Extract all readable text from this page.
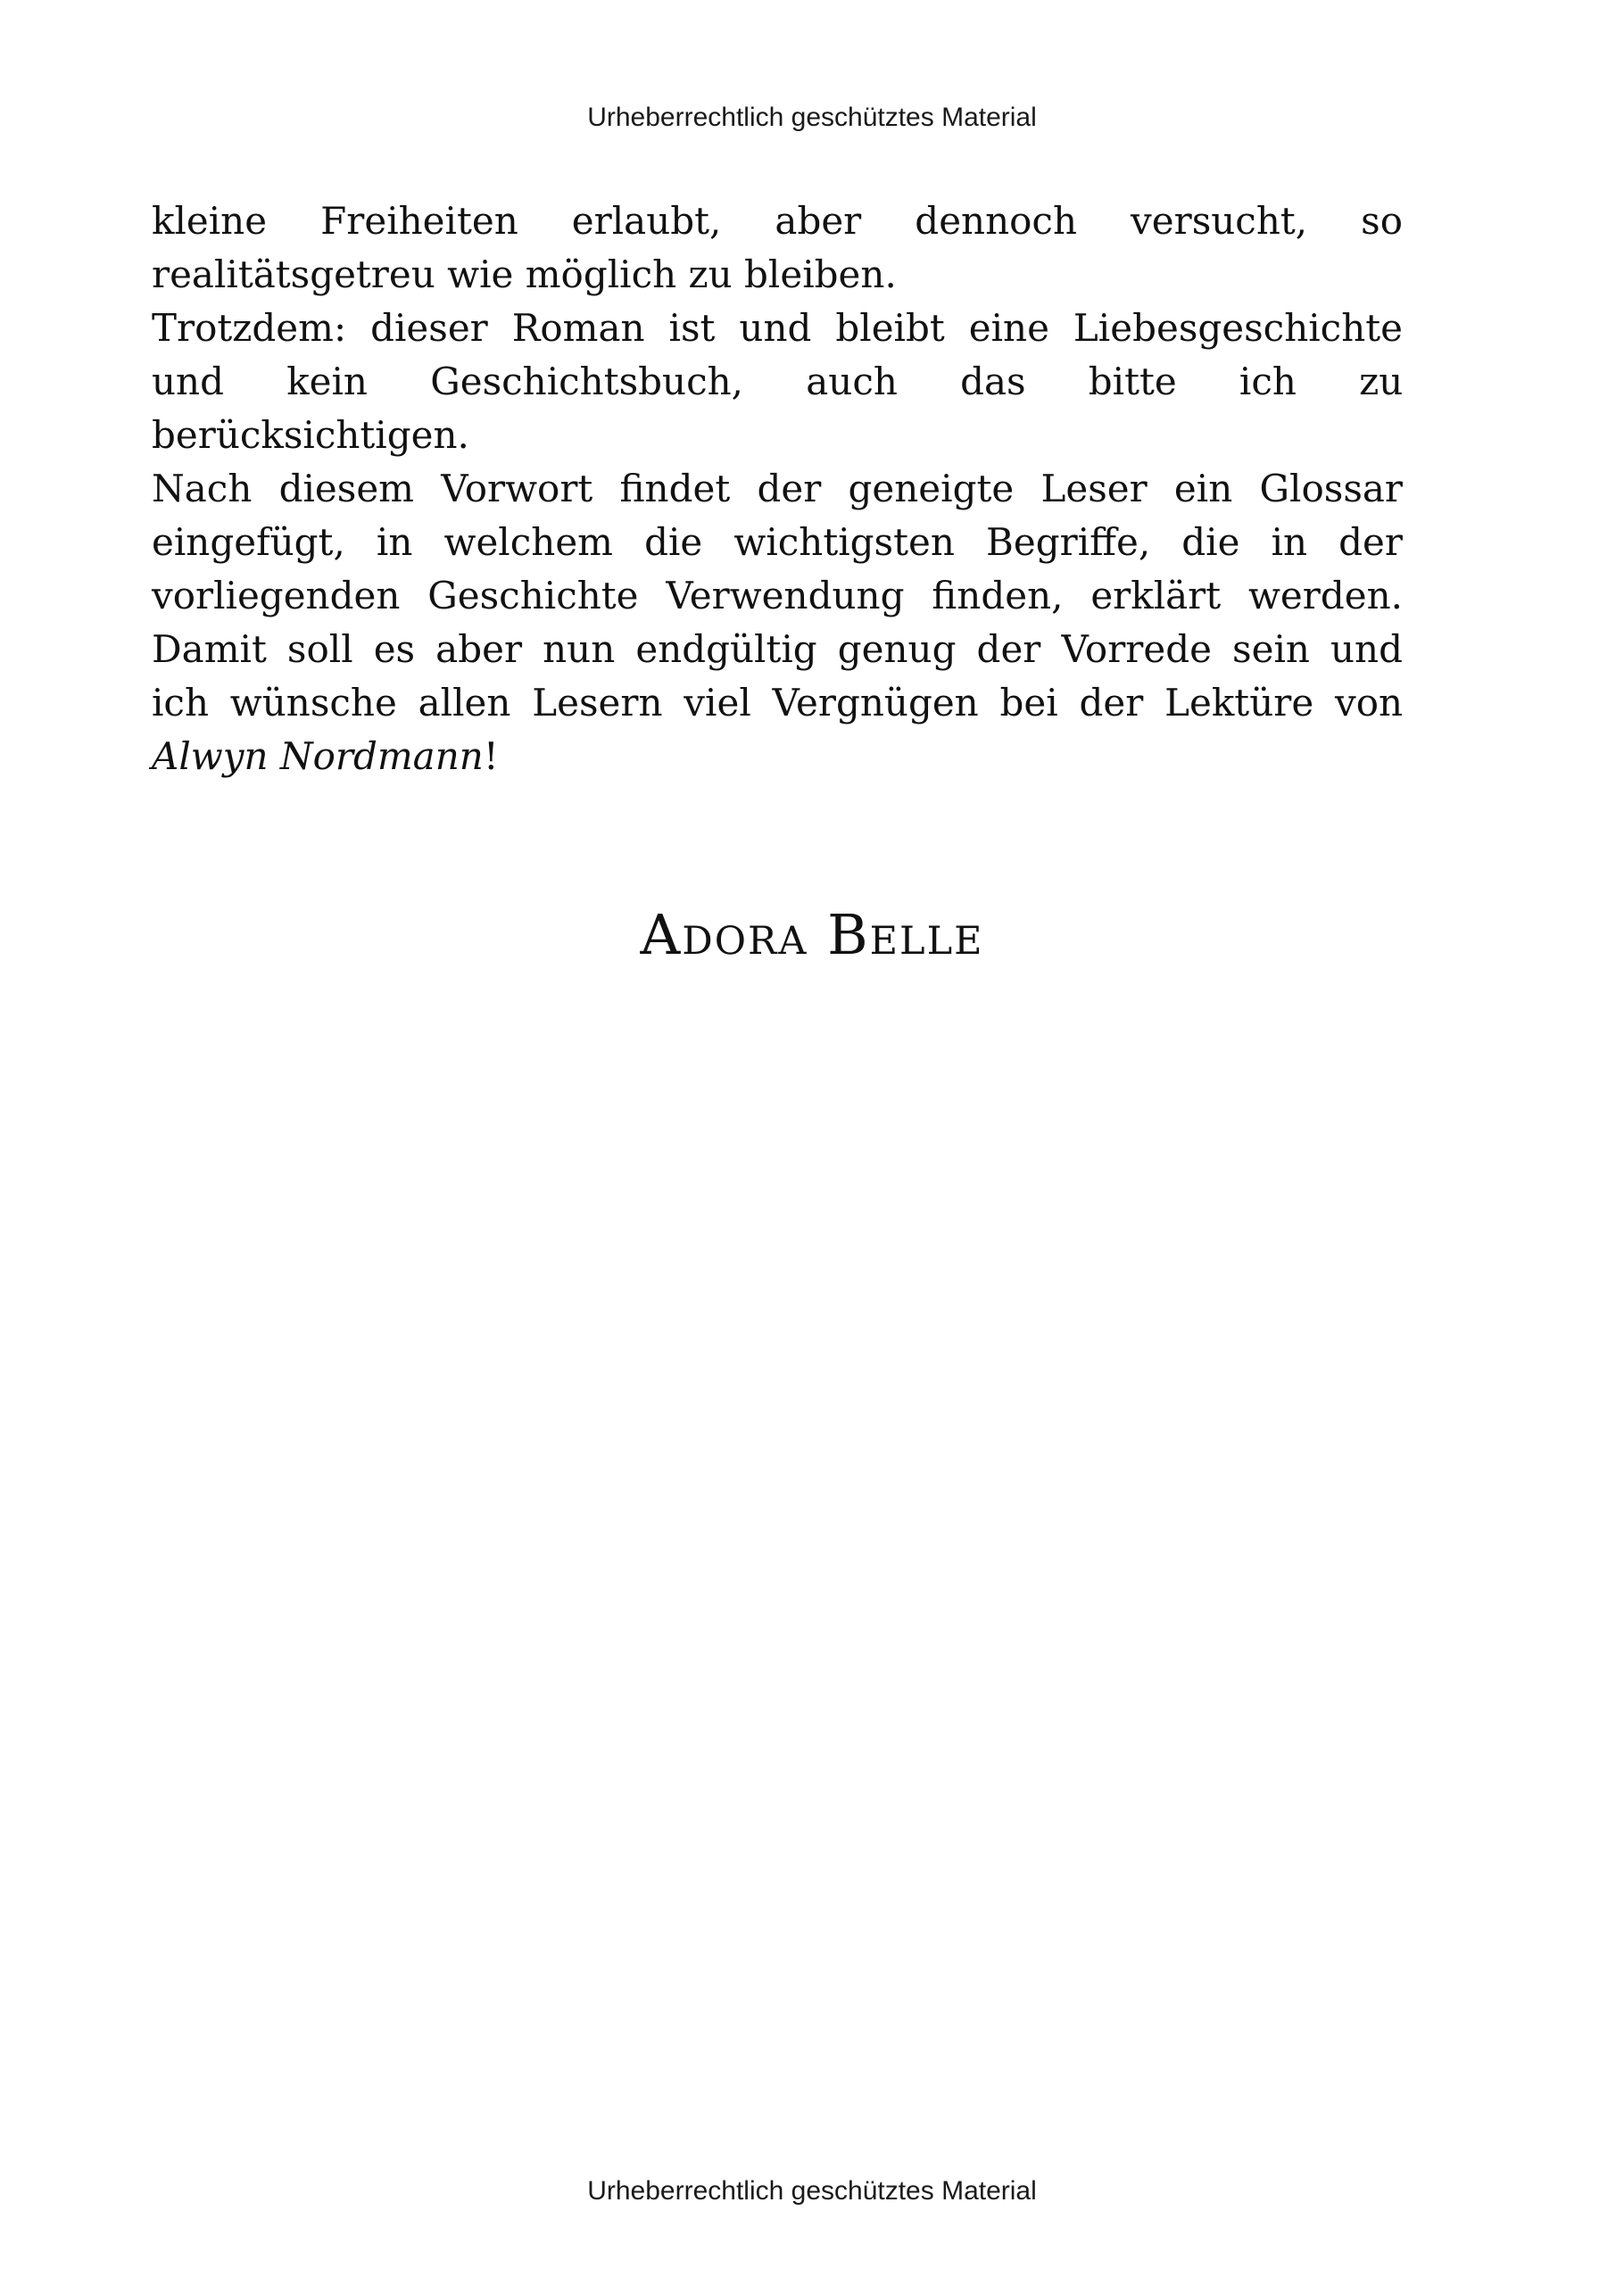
Urheberrechtlich geschütztes Material

kleine Freiheiten erlaubt, aber dennoch versucht, so
realitätsgetreu wie möglich zu bleiben.

Trotzdem: dieser Roman ist und bleibt eine Liebesgeschichte
und kein Geschichtsbuch, auch das bitte ich zu
berücksichtigen.

Nach diesem Vorwort findet der geneigte Leser ein Glossar
eingefügt, in welchem die wichtigsten Begriffe, die in der
vorliegenden Geschichte Verwendung finden, erklärt werden.
Damit soll es aber nun endgültig genug der Vorrede sein und
ich wünsche allen Lesern viel Vergnügen bei der Lektüre von
Alwyn Nordmann!

Adora Belle
Urheberrechtlich geschütztes Material
